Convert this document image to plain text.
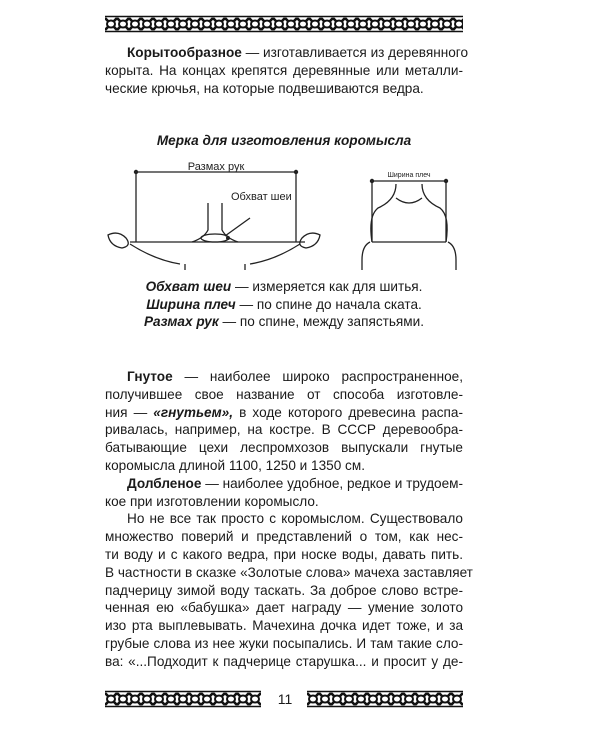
Корытообразное — изготавливается из деревянного
корыта. На концах крепятся деревянные или металли-
ческие крючья, на которые подвешиваются ведра.
Мерка для изготовления коромысла
Размах рук
Обхват шеи
Ширина плеч
Обхват шеи — измеряется как для шитья.
Ширина плеч — по спине до начала ската.
Размах рук — по спине, между запястьями.
Гнутое — наиболее широко распространенное,
получившее свое название от способа изготовле-
ния — «гнутьем», в ходе которого древесина распа-
ривалась, например, на костре. В СССР деревообра-
батывающие цехи леспромхозов выпускали гнутые
коромысла длиной 1100, 1250 и 1350 см.
Долбленое — наиболее удобное, редкое и трудоем-
кое при изготовлении коромысло.
Но не все так просто с коромыслом. Существовало
множество поверий и представлений о том, как нес-
ти воду и с какого ведра, при носке воды, давать пить.
В частности в сказке «Золотые слова» мачеха заставляет
падчерицу зимой воду таскать. За доброе слово встре-
ченная ею «бабушка» дает награду — умение золото
изо рта выплевывать. Мачехина дочка идет тоже, и за
грубые слова из нее жуки посыпались. И там такие сло-
ва: «...Подходит к падчерице старушка... и просит у де-
11
